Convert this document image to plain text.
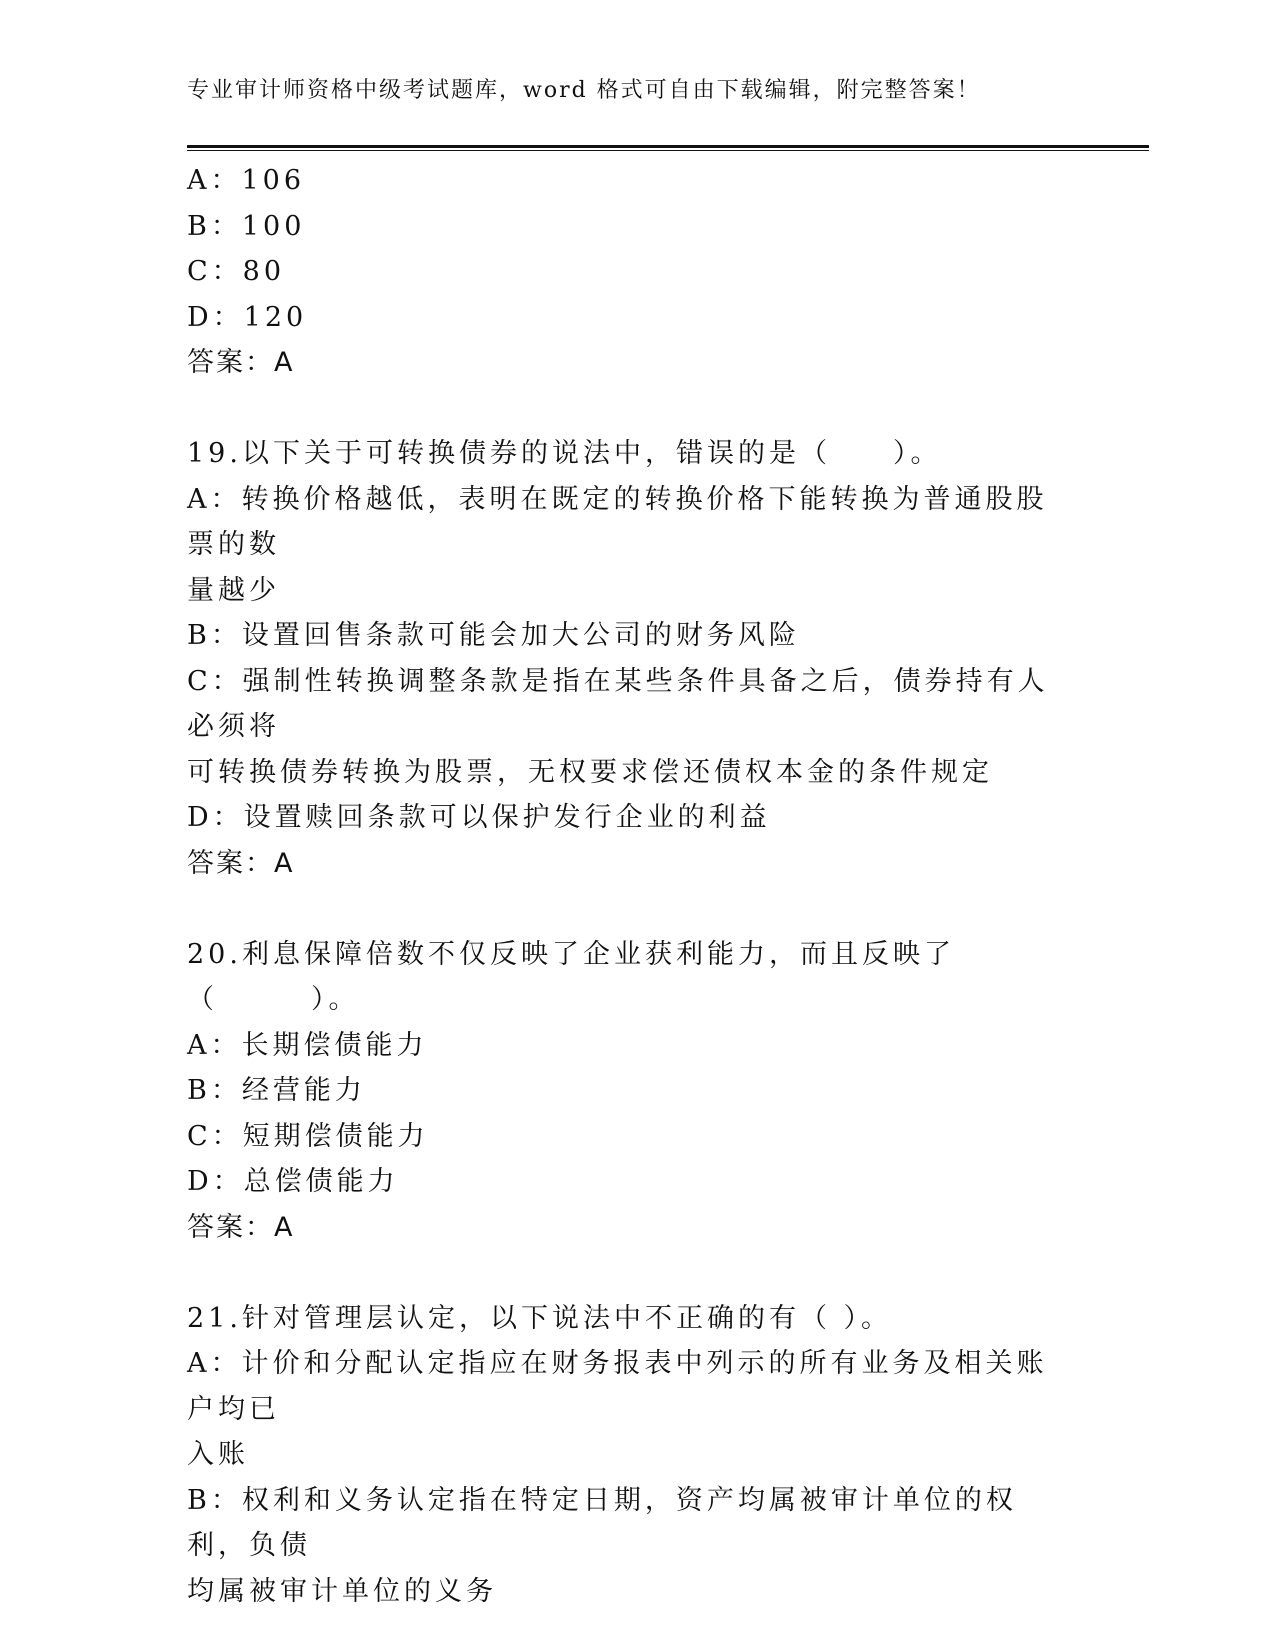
专业审计师资格中级考试题库，word 格式可自由下载编辑，附完整答案！
A：106
B：100
C：80
D：120
答案：A
19.以下关于可转换债券的说法中，错误的是（　　）。
A：转换价格越低，表明在既定的转换价格下能转换为普通股股票的数
量越少
B：设置回售条款可能会加大公司的财务风险
C：强制性转换调整条款是指在某些条件具备之后，债券持有人必须将
可转换债券转换为股票，无权要求偿还债权本金的条件规定
D：设置赎回条款可以保护发行企业的利益
答案：A
20.利息保障倍数不仅反映了企业获利能力，而且反映了（　　　）。
A：长期偿债能力
B：经营能力
C：短期偿债能力
D：总偿债能力
答案：A
21.针对管理层认定，以下说法中不正确的有（ ）。
A：计价和分配认定指应在财务报表中列示的所有业务及相关账户均已
入账
B：权利和义务认定指在特定日期，资产均属被审计单位的权利，负债
均属被审计单位的义务
